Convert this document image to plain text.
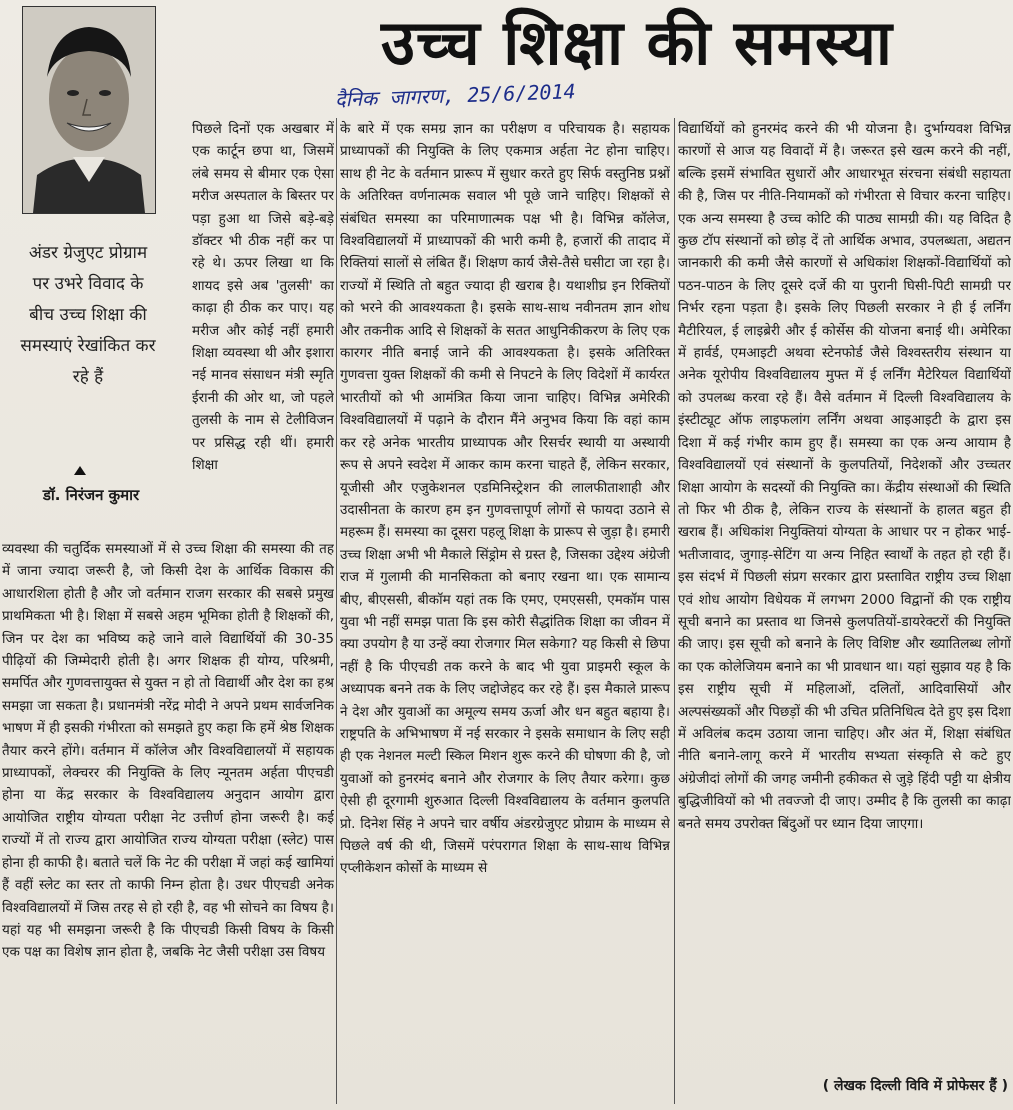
उच्च शिक्षा की समस्या
दैनिक जागरण, 25/6/2014
अंडर ग्रेजुएट प्रोग्राम पर उभरे विवाद के बीच उच्च शिक्षा की समस्याएं रेखांकित कर रहे हैं
डॉ. निरंजन कुमार

पिछले दिनों एक अखबार में एक कार्टून छपा था, जिसमें लंबे समय से बीमार एक ऐसा मरीज अस्पताल के बिस्तर पर पड़ा हुआ था जिसे बड़े-बड़े डॉक्टर भी ठीक नहीं कर पा रहे थे। ऊपर लिखा था कि शायद इसे अब 'तुलसी' का काढ़ा ही ठीक कर पाए। यह मरीज और कोई नहीं हमारी शिक्षा व्यवस्था थी और इशारा नई मानव संसाधन मंत्री स्मृति ईरानी की ओर था, जो पहले तुलसी के नाम से टेलीविजन पर प्रसिद्ध रही थीं। हमारी शिक्षा

व्यवस्था की चतुर्दिक समस्याओं में से उच्च शिक्षा की समस्या की तह में जाना ज्यादा जरूरी है, जो किसी देश के आर्थिक विकास की आधारशिला होती है और जो वर्तमान राजग सरकार की सबसे प्रमुख प्राथमिकता भी है। शिक्षा में सबसे अहम भूमिका होती है शिक्षकों की, जिन पर देश का भविष्य कहे जाने वाले विद्यार्थियों की 30-35 पीढ़ियों की जिम्मेदारी होती है। अगर शिक्षक ही योग्य, परिश्रमी, समर्पित और गुणवत्तायुक्त से युक्त न हो तो विद्यार्थी और देश का हश्र समझा जा सकता है। प्रधानमंत्री नरेंद्र मोदी ने अपने प्रथम सार्वजनिक भाषण में ही इसकी गंभीरता को समझते हुए कहा कि हमें श्रेष्ठ शिक्षक तैयार करने होंगे। वर्तमान में कॉलेज और विश्वविद्यालयों में सहायक प्राध्यापकों, लेक्चरर की नियुक्ति के लिए न्यूनतम अर्हता पीएचडी होना या केंद्र सरकार के विश्वविद्यालय अनुदान आयोग द्वारा आयोजित राष्ट्रीय योग्यता परीक्षा नेट उत्तीर्ण होना जरूरी है। कई राज्यों में तो राज्य द्वारा आयोजित राज्य योग्यता परीक्षा (स्लेट) पास होना ही काफी है। बताते चलें कि नेट की परीक्षा में जहां कई खामियां हैं वहीं स्लेट का स्तर तो काफी निम्न होता है। उधर पीएचडी अनेक विश्वविद्यालयों में जिस तरह से हो रही है, वह भी सोचने का विषय है। यहां यह भी समझना जरूरी है कि पीएचडी किसी विषय के किसी एक पक्ष का विशेष ज्ञान होता है, जबकि नेट जैसी परीक्षा उस विषय

के बारे में एक समग्र ज्ञान का परीक्षण व परिचायक है। सहायक प्राध्यापकों की नियुक्ति के लिए एकमात्र अर्हता नेट होना चाहिए। साथ ही नेट के वर्तमान प्रारूप में सुधार करते हुए सिर्फ वस्तुनिष्ठ प्रश्नों के अतिरिक्त वर्णनात्मक सवाल भी पूछे जाने चाहिए। शिक्षकों से संबंधित समस्या का परिमाणात्मक पक्ष भी है। विभिन्न कॉलेज, विश्वविद्यालयों में प्राध्यापकों की भारी कमी है, हजारों की तादाद में रिक्तियां सालों से लंबित हैं। शिक्षण कार्य जैसे-तैसे घसीटा जा रहा है। राज्यों में स्थिति तो बहुत ज्यादा ही खराब है। यथाशीघ्र इन रिक्तियों को भरने की आवश्यकता है। इसके साथ-साथ नवीनतम ज्ञान शोध और तकनीक आदि से शिक्षकों के सतत आधुनिकीकरण के लिए एक कारगर नीति बनाई जाने की आवश्यकता है। इसके अतिरिक्त गुणवत्ता युक्त शिक्षकों की कमी से निपटने के लिए विदेशों में कार्यरत भारतीयों को भी आमंत्रित किया जाना चाहिए। विभिन्न अमेरिकी विश्वविद्यालयों में पढ़ाने के दौरान मैंने अनुभव किया कि वहां काम कर रहे अनेक भारतीय प्राध्यापक और रिसर्चर स्थायी या अस्थायी रूप से अपने स्वदेश में आकर काम करना चाहते हैं, लेकिन सरकार, यूजीसी और एजुकेशनल एडमिनिस्ट्रेशन की लालफीताशाही और उदासीनता के कारण हम इन गुणवत्तापूर्ण लोगों से फायदा उठाने से महरूम हैं। समस्या का दूसरा पहलू शिक्षा के प्रारूप से जुड़ा है। हमारी उच्च शिक्षा अभी भी मैकाले सिंड्रोम से ग्रस्त है, जिसका उद्देश्य अंग्रेजी राज में गुलामी की मानसिकता को बनाए रखना था। एक सामान्य बीए, बीएससी, बीकॉम यहां तक कि एमए, एमएससी, एमकॉम पास युवा भी नहीं समझ पाता कि इस कोरी सैद्धांतिक शिक्षा का जीवन में क्या उपयोग है या उन्हें क्या रोजगार मिल सकेगा? यह किसी से छिपा नहीं है कि पीएचडी तक करने के बाद भी युवा प्राइमरी स्कूल के अध्यापक बनने तक के लिए जद्दोजेहद कर रहे हैं। इस मैकाले प्रारूप ने देश और युवाओं का अमूल्य समय ऊर्जा और धन बहुत बहाया है। राष्ट्रपति के अभिभाषण में नई सरकार ने इसके समाधान के लिए सही ही एक नेशनल मल्टी स्किल मिशन शुरू करने की घोषणा की है, जो युवाओं को हुनरमंद बनाने और रोजगार के लिए तैयार करेगा। कुछ ऐसी ही दूरगामी शुरुआत दिल्ली विश्वविद्यालय के वर्तमान कुलपति प्रो. दिनेश सिंह ने अपने चार वर्षीय अंडरग्रेजुएट प्रोग्राम के माध्यम से पिछले वर्ष की थी, जिसमें परंपरागत शिक्षा के साथ-साथ विभिन्न एप्लीकेशन कोर्सो के माध्यम से

विद्यार्थियों को हुनरमंद करने की भी योजना है। दुर्भाग्यवश विभिन्न कारणों से आज यह विवादों में है। जरूरत इसे खत्म करने की नहीं, बल्कि इसमें संभावित सुधारों और आधारभूत संरचना संबंधी सहायता की है, जिस पर नीति-नियामकों को गंभीरता से विचार करना चाहिए। एक अन्य समस्या है उच्च कोटि की पाठ्य सामग्री की। यह विदित है कुछ टॉप संस्थानों को छोड़ दें तो आर्थिक अभाव, उपलब्धता, अद्यतन जानकारी की कमी जैसे कारणों से अधिकांश शिक्षकों-विद्यार्थियों को पठन-पाठन के लिए दूसरे दर्जे की या पुरानी घिसी-पिटी सामग्री पर निर्भर रहना पड़ता है। इसके लिए पिछली सरकार ने ही ई लर्निंग मैटीरियल, ई लाइब्रेरी और ई कोर्सेस की योजना बनाई थी। अमेरिका में हार्वर्ड, एमआइटी अथवा स्टेनफोर्ड जैसे विश्वस्तरीय संस्थान या अनेक यूरोपीय विश्वविद्यालय मुफ्त में ई लर्निंग मैटेरियल विद्यार्थियों को उपलब्ध करवा रहे हैं। वैसे वर्तमान में दिल्ली विश्वविद्यालय के इंस्टीट्यूट ऑफ लाइफलांग लर्निंग अथवा आइआइटी के द्वारा इस दिशा में कई गंभीर काम हुए हैं। समस्या का एक अन्य आयाम है विश्वविद्यालयों एवं संस्थानों के कुलपतियों, निदेशकों और उच्चतर शिक्षा आयोग के सदस्यों की नियुक्ति का। केंद्रीय संस्थाओं की स्थिति तो फिर भी ठीक है, लेकिन राज्य के संस्थानों के हालत बहुत ही खराब हैं। अधिकांश नियुक्तियां योग्यता के आधार पर न होकर भाई-भतीजावाद, जुगाड़-सेटिंग या अन्य निहित स्वार्थों के तहत हो रही हैं। इस संदर्भ में पिछली संप्रग सरकार द्वारा प्रस्तावित राष्ट्रीय उच्च शिक्षा एवं शोध आयोग विधेयक में लगभग 2000 विद्वानों की एक राष्ट्रीय सूची बनाने का प्रस्ताव था जिनसे कुलपतियों-डायरेक्टरों की नियुक्ति की जाए। इस सूची को बनाने के लिए विशिष्ट और ख्यातिलब्ध लोगों का एक कोलेजियम बनाने का भी प्रावधान था। यहां सुझाव यह है कि इस राष्ट्रीय सूची में महिलाओं, दलितों, आदिवासियों और अल्पसंख्यकों और पिछड़ों की भी उचित प्रतिनिधित्व देते हुए इस दिशा में अविलंब कदम उठाया जाना चाहिए। और अंत में, शिक्षा संबंधित नीति बनाने-लागू करने में भारतीय सभ्यता संस्कृति से कटे हुए अंग्रेजीदां लोगों की जगह जमीनी हकीकत से जुड़े हिंदी पट्टी या क्षेत्रीय बुद्धिजीवियों को भी तवज्जो दी जाए। उम्मीद है कि तुलसी का काढ़ा बनते समय उपरोक्त बिंदुओं पर ध्यान दिया जाएगा।

( लेखक दिल्ली विवि में प्रोफेसर हैं )
